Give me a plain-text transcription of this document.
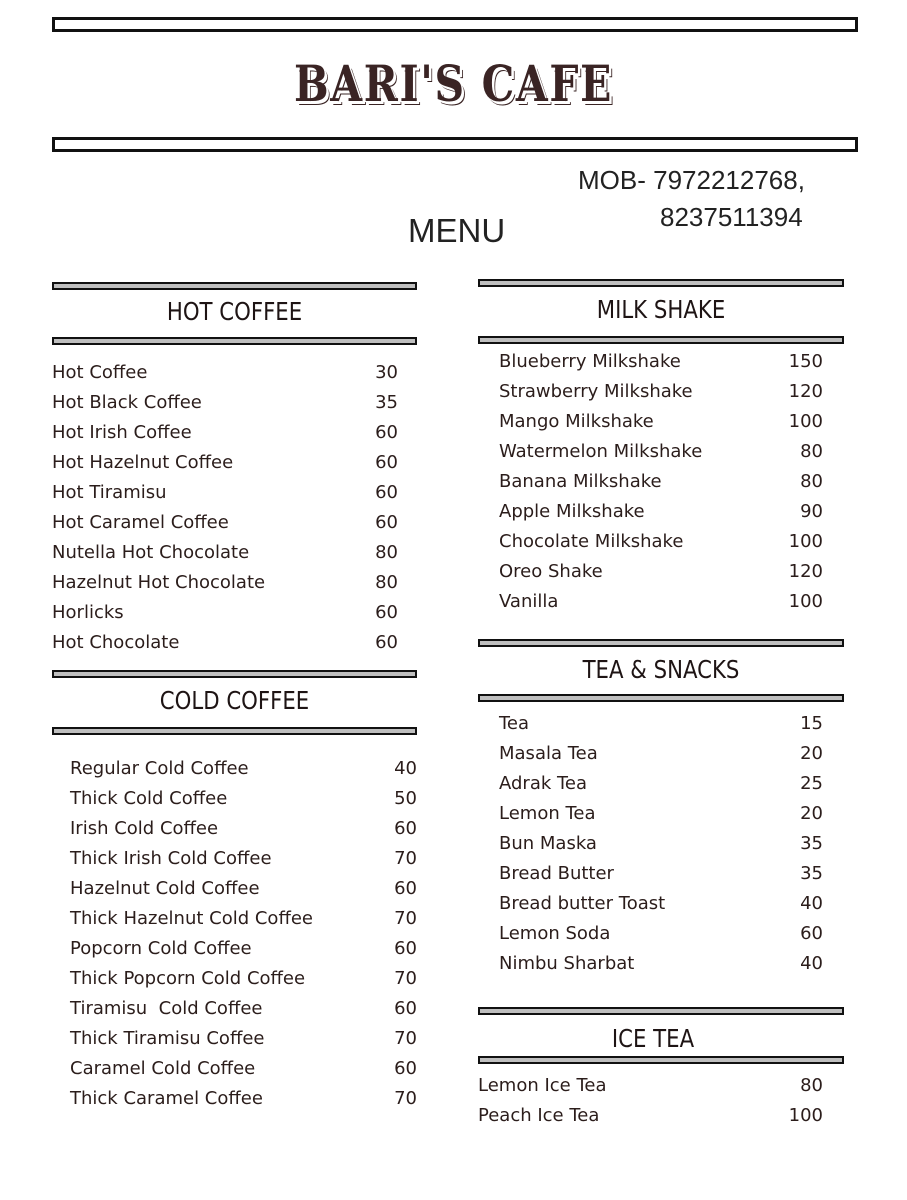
BARI'S CAFE
MOB- 7972212768,
8237511394
MENU
HOT COFFEE
Hot Coffee	30
Hot Black Coffee	35
Hot Irish Coffee	60
Hot Hazelnut Coffee	60
Hot Tiramisu	60
Hot Caramel Coffee	60
Nutella Hot Chocolate	80
Hazelnut Hot Chocolate	80
Horlicks	60
Hot Chocolate	60
COLD COFFEE
Regular Cold Coffee	40
Thick Cold Coffee	50
Irish Cold Coffee	60
Thick Irish Cold Coffee	70
Hazelnut Cold Coffee	60
Thick Hazelnut Cold Coffee	70
Popcorn Cold Coffee	60
Thick Popcorn Cold Coffee	70
Tiramisu  Cold Coffee	60
Thick Tiramisu Coffee	70
Caramel Cold Coffee	60
Thick Caramel Coffee	70
MILK SHAKE
Blueberry Milkshake	150
Strawberry Milkshake	120
Mango Milkshake	100
Watermelon Milkshake	80
Banana Milkshake	80
Apple Milkshake	90
Chocolate Milkshake	100
Oreo Shake	120
Vanilla	100
TEA & SNACKS
Tea	15
Masala Tea	20
Adrak Tea	25
Lemon Tea	20
Bun Maska	35
Bread Butter	35
Bread butter Toast	40
Lemon Soda	60
Nimbu Sharbat	40
ICE TEA
Lemon Ice Tea	80
Peach Ice Tea	100
